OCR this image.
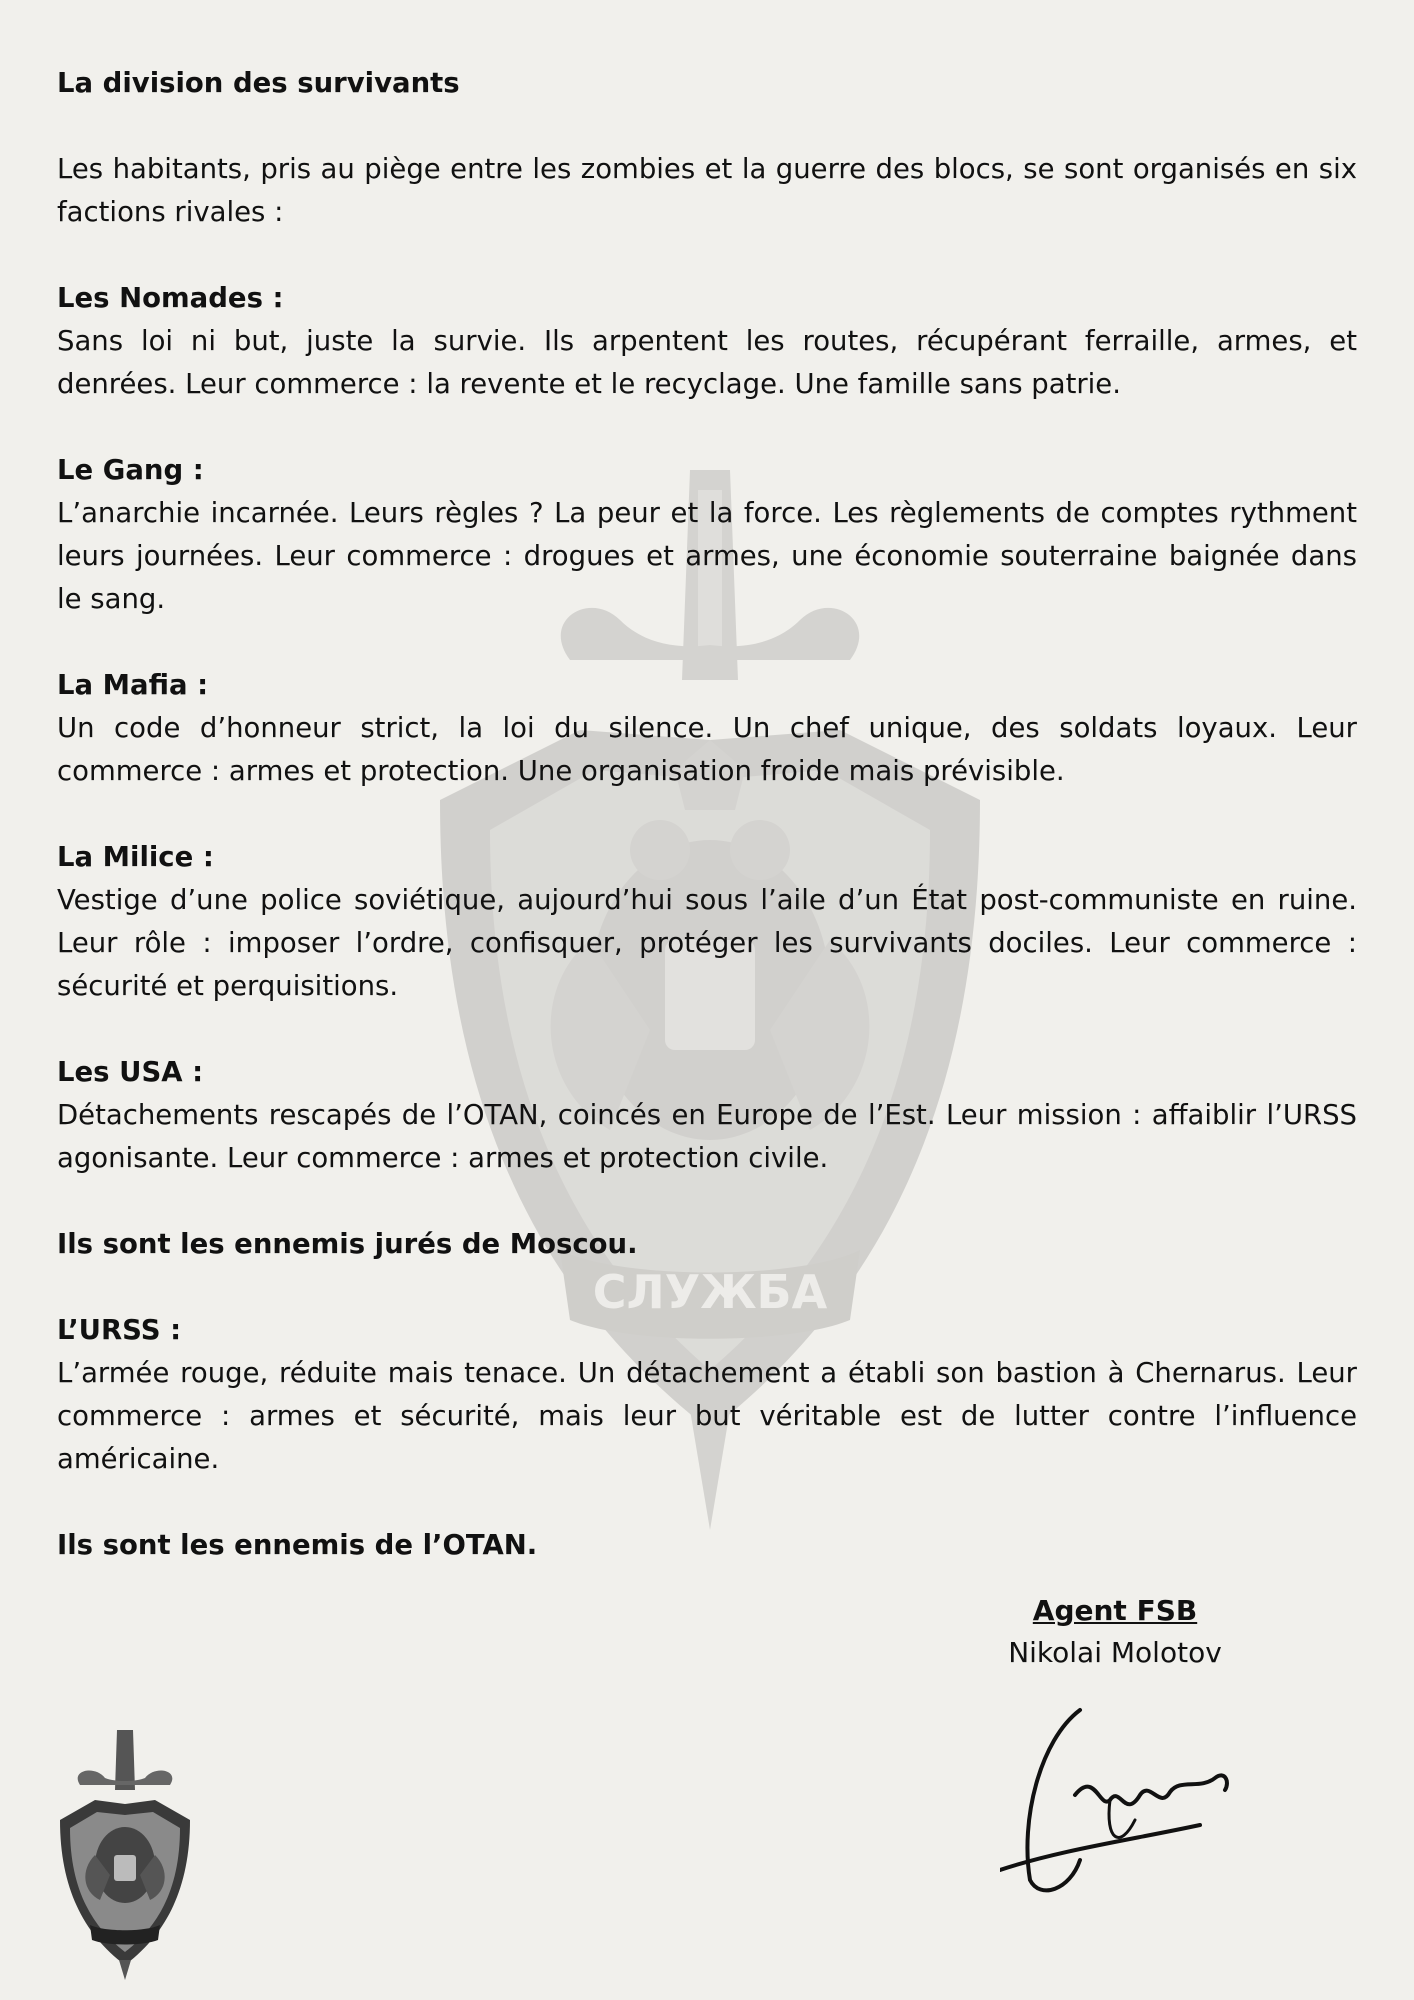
СЛУЖБА

La division des survivants

Les habitants, pris au piège entre les zombies et la guerre des blocs, se sont organisés en six factions rivales :

Les Nomades :

Sans loi ni but, juste la survie. Ils arpentent les routes, récupérant ferraille, armes, et denrées. Leur commerce : la revente et le recyclage. Une famille sans patrie.

Le Gang :

L’anarchie incarnée. Leurs règles ? La peur et la force. Les règlements de comptes rythment leurs journées. Leur commerce : drogues et armes, une économie souterraine baignée dans le sang.

La Mafia :

Un code d’honneur strict, la loi du silence. Un chef unique, des soldats loyaux. Leur commerce : armes et protection. Une organisation froide mais prévisible.

La Milice :

Vestige d’une police soviétique, aujourd’hui sous l’aile d’un État post-communiste en ruine. Leur rôle : imposer l’ordre, confisquer, protéger les survivants dociles. Leur commerce : sécurité et perquisitions.

Les USA :

Détachements rescapés de l’OTAN, coincés en Europe de l’Est. Leur mission : affaiblir l’URSS agonisante. Leur commerce : armes et protection civile.

Ils sont les ennemis jurés de Moscou.

L’URSS :

L’armée rouge, réduite mais tenace. Un détachement a établi son bastion à Chernarus. Leur commerce : armes et sécurité, mais leur but véritable est de lutter contre l’influence américaine.

Ils sont les ennemis de l’OTAN.

Agent FSB
Nikolai Molotov
